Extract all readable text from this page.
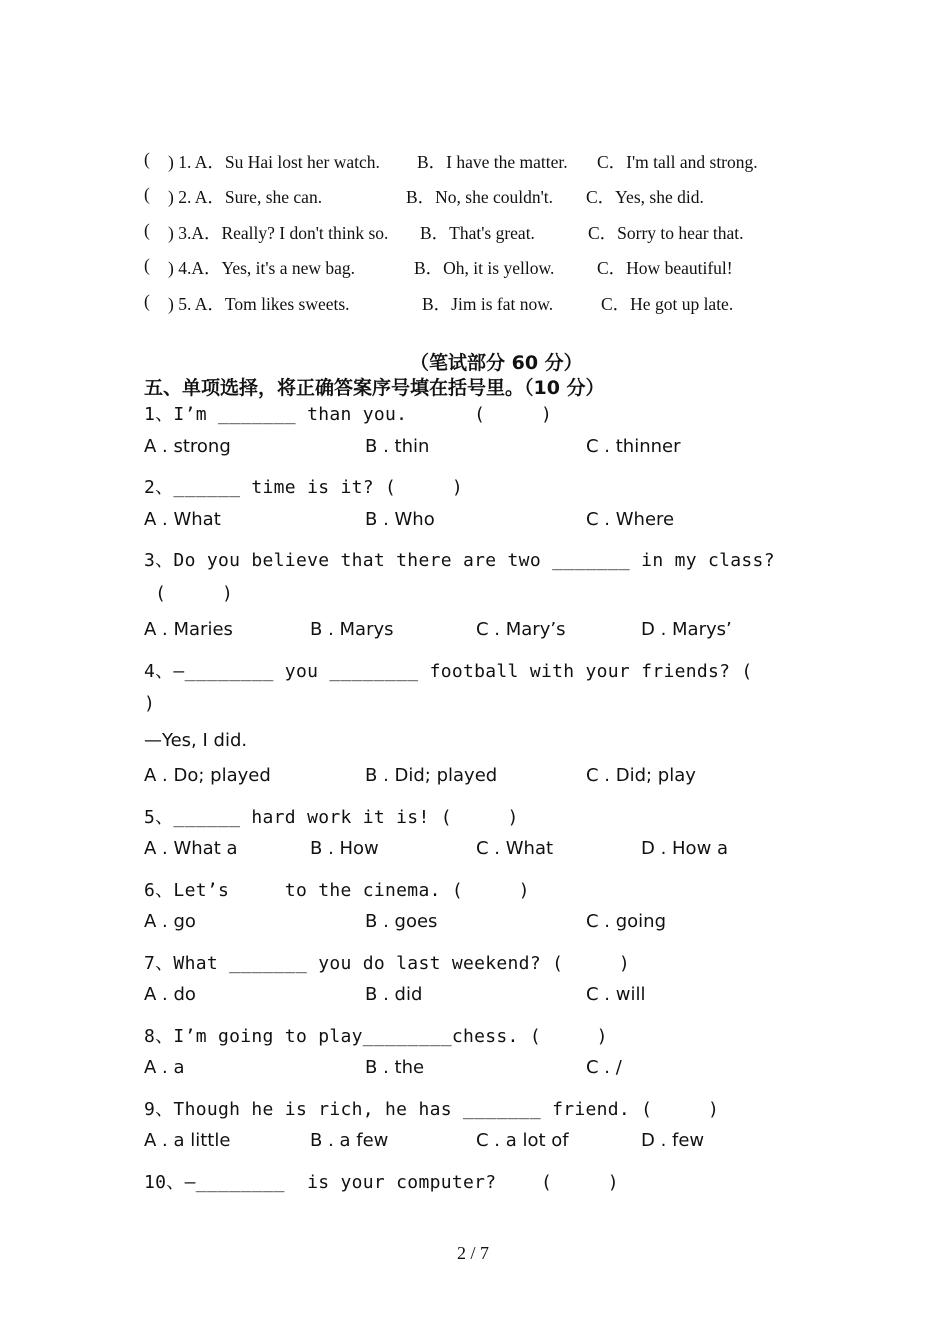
( ) 1. A．Su Hai lost her watch. B．I have the matter. C．I'm tall and strong.
( ) 2. A．Sure, she can.	B．No, she couldn't. C．Yes, she did.
( ) 3.A．Really? I don't think so. B．That's great.	C．Sorry to hear that.
( ) 4.A．Yes, it's a new bag.	B．Oh, it is yellow. C．How beautiful!
( ) 5. A．Tom likes sweets.	B．Jim is fat now.	C．He got up late.
（笔试部分 60 分）
五、单项选择，将正确答案序号填在括号里。（10 分）
1、I’m _______ than you.      (     )
A . strong	B . thin	C . thinner
2、______ time is it? (     )
A . What	B . Who	C . Where
3、Do you believe that there are two _______ in my class?
(     )
A . Maries	B . Marys	C . Mary’s	D . Marys’
4、—________ you ________ football with your friends? (
)
—Yes, I did.
A . Do; played	B . Did; played	C . Did; play
5、______ hard work it is! (     )
A . What a	B . How	C . What	D . How a
6、Let’s     to the cinema. (     )
A . go	B . goes	C . going
7、What _______ you do last weekend? (     )
A . do	B . did	C . will
8、I’m going to play________chess. (     )
A . a	B . the	C . /
9、Though he is rich, he has _______ friend. (     )
A . a little	B . a few	C . a lot of	D . few
10、—________  is your computer?    (     )
2 / 7
